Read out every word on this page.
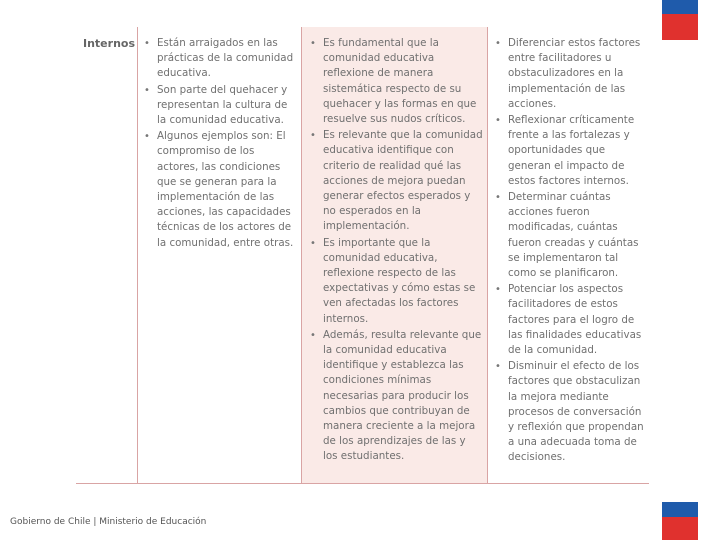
Internos
•	Están arraigados en las prácticas de la comunidad educativa.
• Son parte del quehacer y representan la cultura de la comunidad educativa.
• Algunos ejemplos son: El compromiso de los actores, las condiciones que se generan para la implementación de las acciones, las capacidades técnicas de los actores de la comunidad, entre otras.
• Es fundamental que la comunidad educativa reflexione de manera sistemática respecto de su quehacer y las formas en que resuelve sus nudos críticos.
• Es relevante que la comunidad educativa identifique con criterio de realidad qué las acciones de mejora puedan generar efectos esperados y no esperados en la implementación.
• Es importante que la comunidad educativa, reflexione respecto de las expectativas y cómo estas se ven afectadas los factores internos.
• Además, resulta relevante que la comunidad educativa identifique y establezca las condiciones mínimas necesarias para producir los cambios que contribuyan de manera creciente a la mejora de los aprendizajes de las y los estudiantes.
• Diferenciar estos factores entre facilitadores u obstaculizadores en la implementación de las acciones.
• Reflexionar críticamente frente a las fortalezas y oportunidades que generan el impacto de estos factores internos.
• Determinar cuántas acciones fueron modificadas, cuántas fueron creadas y cuántas se implementaron tal como se planificaron.
• Potenciar los aspectos facilitadores de estos factores para el logro de las finalidades educativas de la comunidad.
• Disminuir el efecto de los factores que obstaculizan la mejora mediante procesos de conversación y reflexión que propendan a una adecuada toma de decisiones.
Gobierno de Chile | Ministerio de Educación
